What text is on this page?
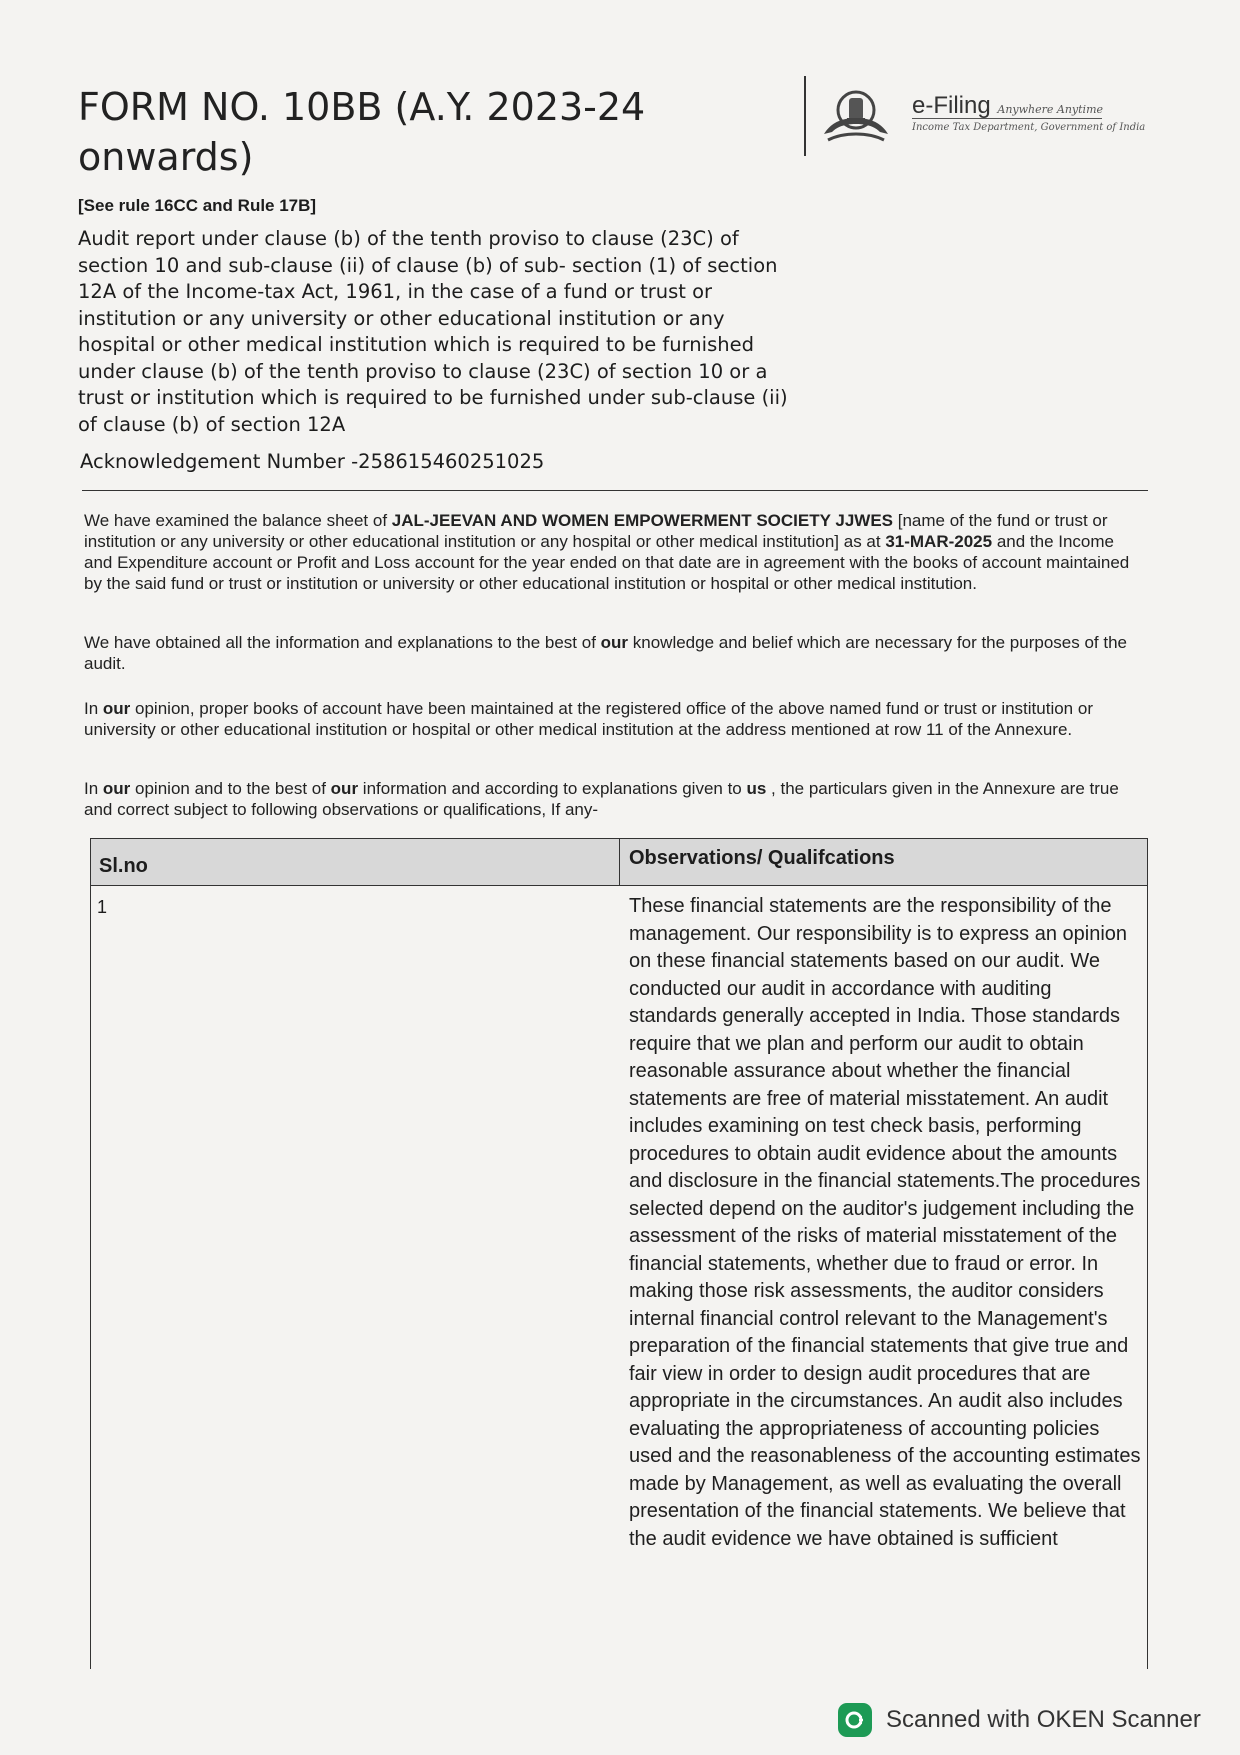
FORM NO. 10BB (A.Y. 2023-24 onwards)

[See rule 16CC and Rule 17B]

Audit report under clause (b) of the tenth proviso to clause (23C) of section 10 and sub-clause (ii) of clause (b) of sub- section (1) of section 12A of the Income-tax Act, 1961, in the case of a fund or trust or institution or any university or other educational institution or any hospital or other medical institution which is required to be furnished under clause (b) of the tenth proviso to clause (23C) of section 10 or a trust or institution which is required to be furnished under sub-clause (ii) of clause (b) of section 12A

Acknowledgement Number -258615460251025

e-Filing Anywhere Anytime

Income Tax Department, Government of India

We have examined the balance sheet of JAL-JEEVAN AND WOMEN EMPOWERMENT SOCIETY JJWES [name of the fund or trust or institution or any university or other educational institution or any hospital or other medical institution] as at 31-MAR-2025 and the Income and Expenditure account or Profit and Loss account for the year ended on that date are in agreement with the books of account maintained by the said fund or trust or institution or university or other educational institution or hospital or other medical institution.

We have obtained all the information and explanations to the best of our knowledge and belief which are necessary for the purposes of the audit.

In our opinion, proper books of account have been maintained at the registered office of the above named fund or trust or institution or university or other educational institution or hospital or other medical institution at the address mentioned at row 11 of the Annexure.

In our opinion and to the best of our information and according to explanations given to us , the particulars given in the Annexure are true and correct subject to following observations or qualifications, If any-

Sl.no	Observations/ Qualifcations

1	These financial statements are the responsibility of the management. Our responsibility is to express an opinion on these financial statements based on our audit. We conducted our audit in accordance with auditing standards generally accepted in India. Those standards require that we plan and perform our audit to obtain reasonable assurance about whether the financial statements are free of material misstatement. An audit includes examining on test check basis, performing procedures to obtain audit evidence about the amounts and disclosure in the financial statements.The procedures selected depend on the auditor's judgement including the assessment of the risks of material misstatement of the financial statements, whether due to fraud or error. In making those risk assessments, the auditor considers internal financial control relevant to the Management's preparation of the financial statements that give true and fair view in order to design audit procedures that are appropriate in the circumstances. An audit also includes evaluating the appropriateness of accounting policies used and the reasonableness of the accounting estimates made by Management, as well as evaluating the overall presentation of the financial statements. We believe that the audit evidence we have obtained is sufficient

Scanned with OKEN Scanner
